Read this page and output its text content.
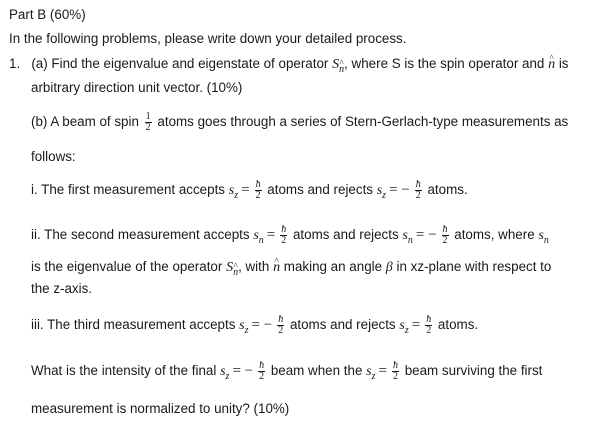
Part B (60%)
In the following problems, please write down your detailed process.
1. (a) Find the eigenvalue and eigenstate of operator S^ $_n$, where S is the spin operator and ^ n is
arbitrary direction unit vector. (10%)
(b) A beam of spin $\frac{1}{2}$ atoms goes through a series of Stern-Gerlach-type measurements as
follows:
i. The first measurement accepts $s_z = \frac{ħ}{2}$ atoms and rejects $s_z$ = − $\frac{ħ}{2}$ atoms.
ii. The second measurement accepts $s_n = \frac{ħ}{2}$ atoms and rejects $s_n$ = − $\frac{ħ}{2}$ atoms, where $s_n$
is the eigenvalue of the operator S^ $_n$, with ^ n making an angle β in xz-plane with respect to
the z-axis.
iii. The third measurement accepts $s_z$ = − $\frac{ħ}{2}$ atoms and rejects $s_z = \frac{ħ}{2}$ atoms.
What is the intensity of the final $s_z$ = − $\frac{ħ}{2}$ beam when the $s_z = \frac{ħ}{2}$ beam surviving the first
measurement is normalized to unity? (10%)
